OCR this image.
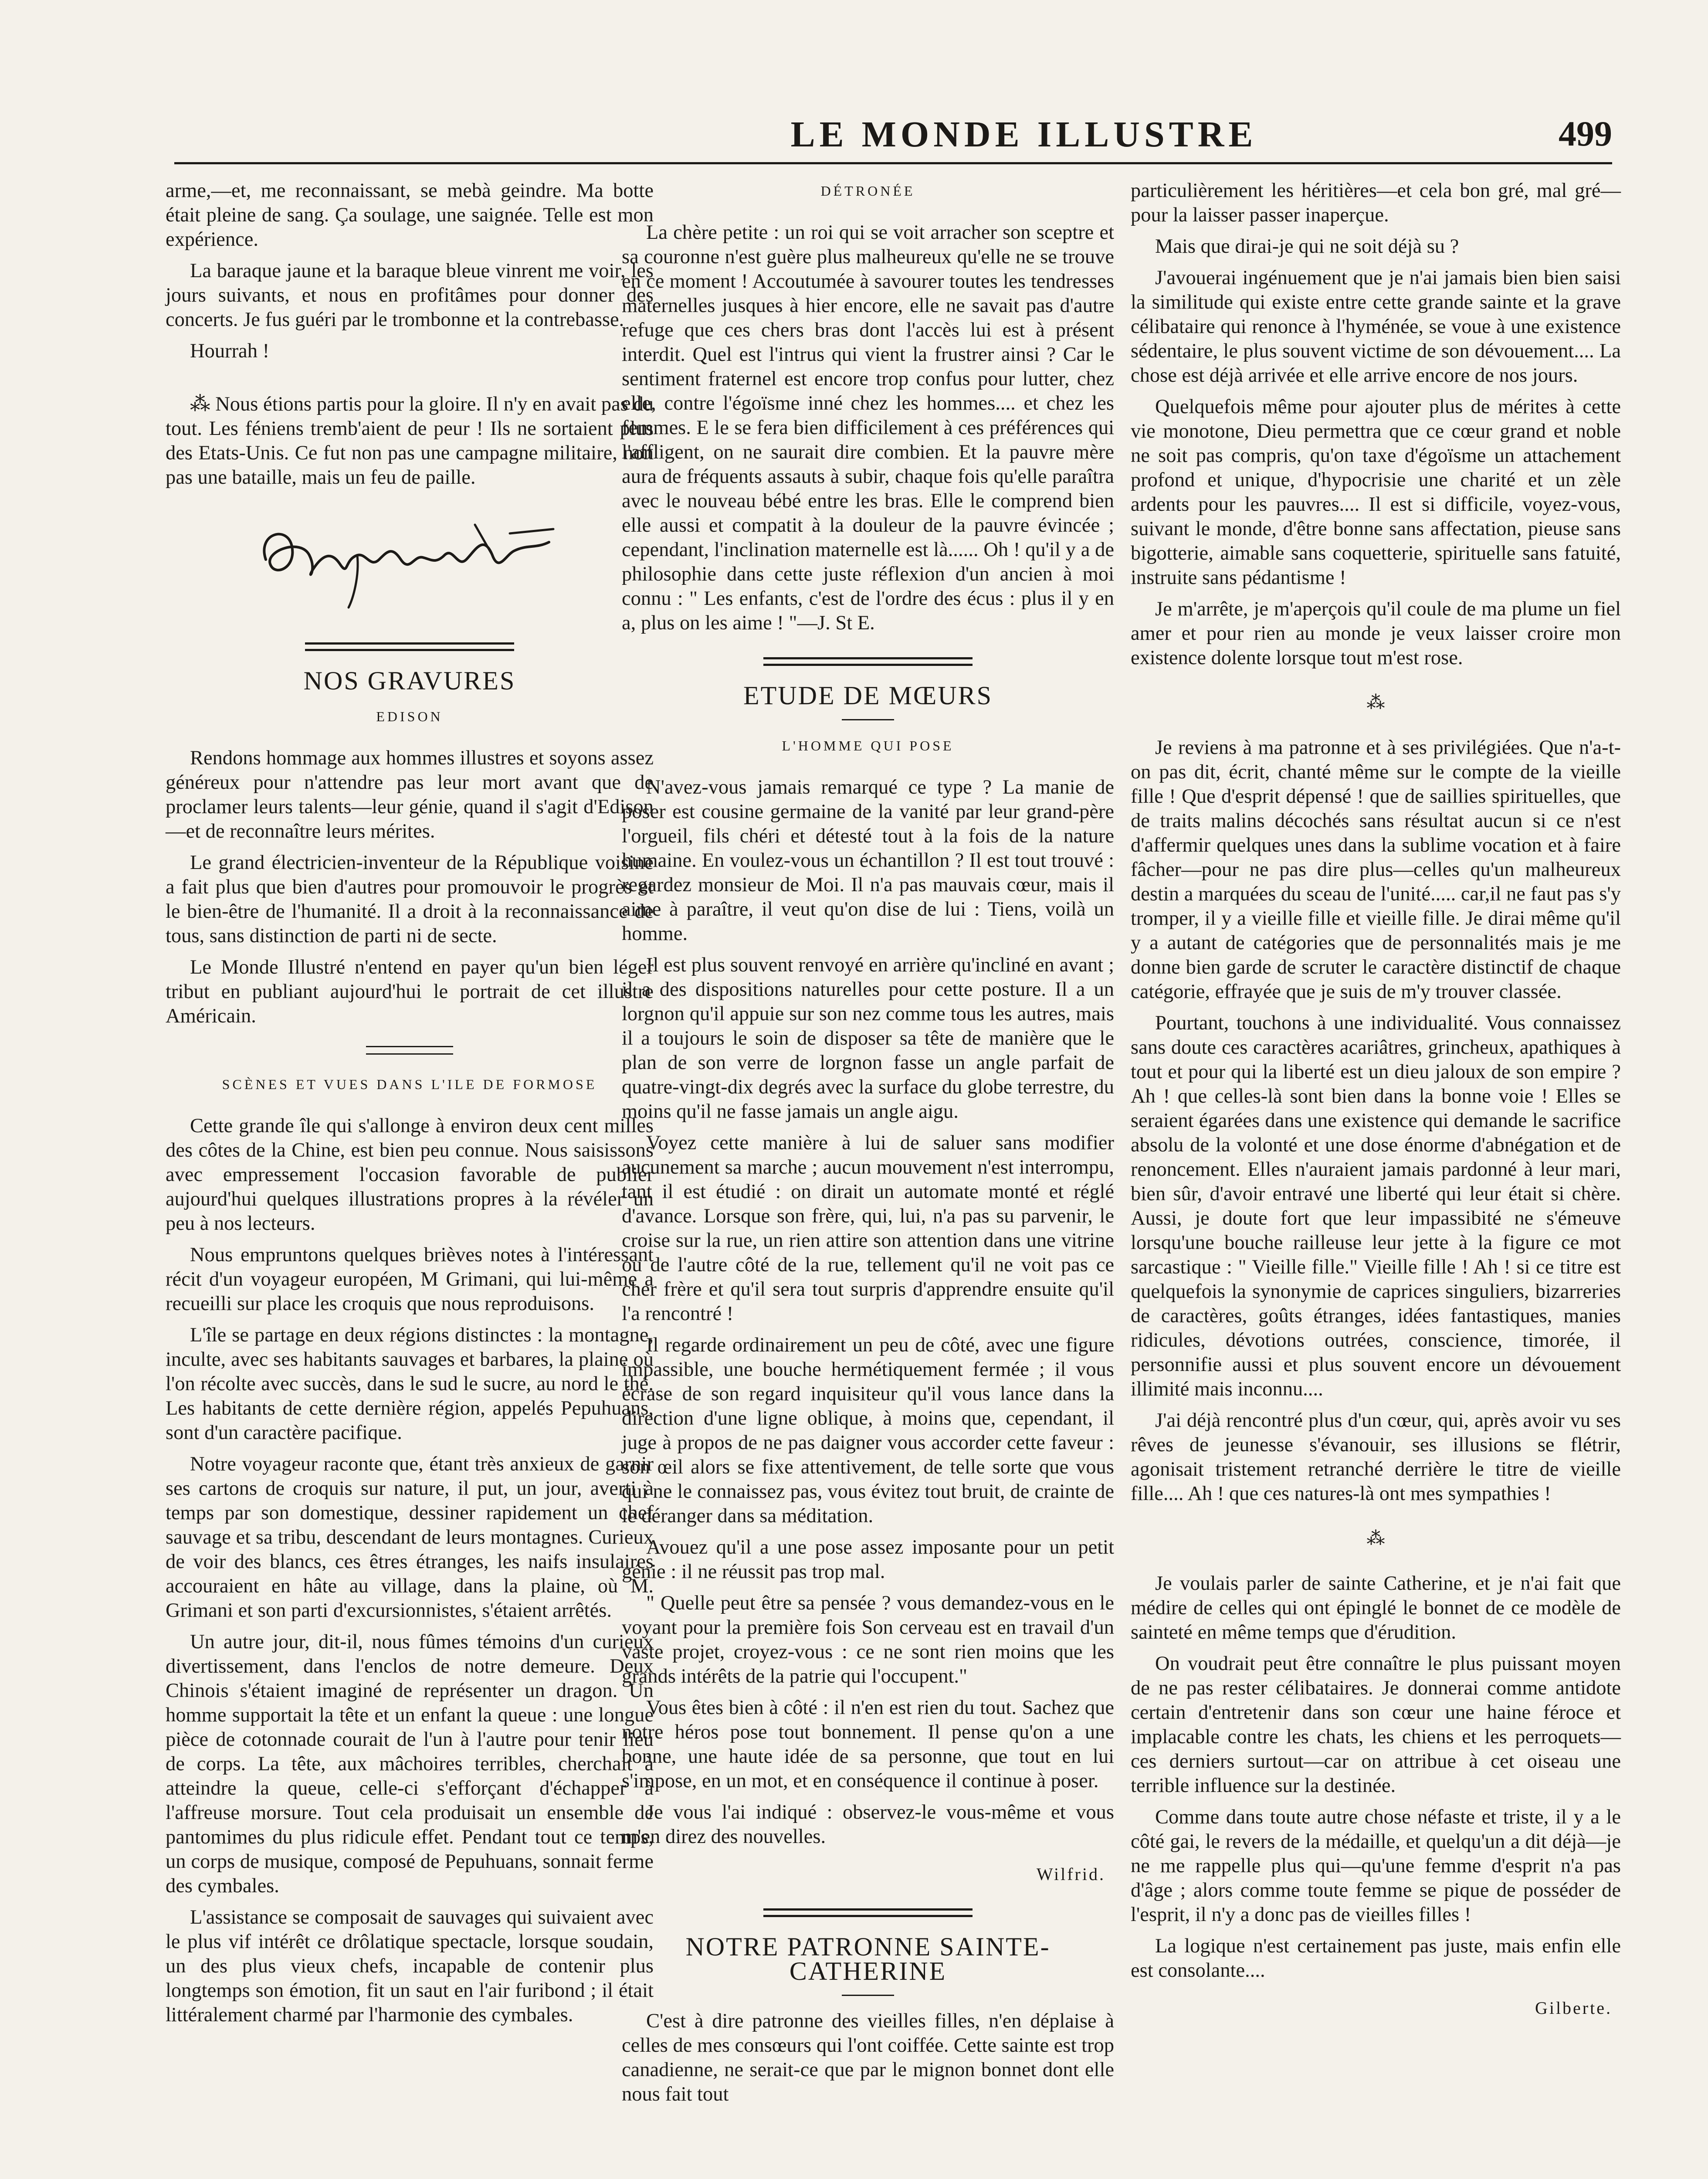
LE MONDE ILLUSTRE	499

arme,—et, me reconnaissant, se mebà geindre. Ma botte était pleine de sang. Ça soulage, une saignée. Telle est mon expérience.

La baraque jaune et la baraque bleue vinrent me voir, les jours suivants, et nous en profitâmes pour donner des concerts. Je fus guéri par le trombonne et la contrebasse.

Hourrah !

⁂ Nous étions partis pour la gloire. Il n'y en avait pas du tout. Les féniens tremb'aient de peur ! Ils ne sortaient plus des Etats-Unis. Ce fut non pas une campagne militaire, non pas une bataille, mais un feu de paille.

NOS GRAVURES
EDISON

Rendons hommage aux hommes illustres et soyons assez généreux pour n'attendre pas leur mort avant que de proclamer leurs talents—leur génie, quand il s'agit d'Edison—et de reconnaître leurs mérites.

Le grand électricien-inventeur de la République voisine a fait plus que bien d'autres pour promouvoir le progrès et le bien-être de l'humanité. Il a droit à la reconnaissance de tous, sans distinction de parti ni de secte.

Le Monde Illustré n'entend en payer qu'un bien léger tribut en publiant aujourd'hui le portrait de cet illustre Américain.

SCÈNES ET VUES DANS L'ILE DE FORMOSE

Cette grande île qui s'allonge à environ deux cent milles des côtes de la Chine, est bien peu connue. Nous saisissons avec empressement l'occasion favorable de publier aujourd'hui quelques illustrations propres à la révéler un peu à nos lecteurs.

Nous empruntons quelques brièves notes à l'intéressant récit d'un voyageur européen, M Grimani, qui lui-même a recueilli sur place les croquis que nous reproduisons.

L'île se partage en deux régions distinctes : la montagne, inculte, avec ses habitants sauvages et barbares, la plaine où l'on récolte avec succès, dans le sud le sucre, au nord le thé. Les habitants de cette dernière région, appelés Pepuhuans, sont d'un caractère pacifique.

Notre voyageur raconte que, étant très anxieux de garnir ses cartons de croquis sur nature, il put, un jour, averti à temps par son domestique, dessiner rapidement un chef sauvage et sa tribu, descendant de leurs montagnes. Curieux de voir des blancs, ces êtres étranges, les naifs insulaires accouraient en hâte au village, dans la plaine, où M. Grimani et son parti d'excursionnistes, s'étaient arrêtés.

Un autre jour, dit-il, nous fûmes témoins d'un curieux divertissement, dans l'enclos de notre demeure. Deux Chinois s'étaient imaginé de représenter un dragon. Un homme supportait la tête et un enfant la queue : une longue pièce de cotonnade courait de l'un à l'autre pour tenir lieu de corps. La tête, aux mâchoires terribles, cherchait à atteindre la queue, celle-ci s'efforçant d'échapper à l'affreuse morsure. Tout cela produisait un ensemble de pantomimes du plus ridicule effet. Pendant tout ce temps, un corps de musique, composé de Pepuhuans, sonnait ferme des cymbales.

L'assistance se composait de sauvages qui suivaient avec le plus vif intérêt ce drôlatique spectacle, lorsque soudain, un des plus vieux chefs, incapable de contenir plus longtemps son émotion, fit un saut en l'air furibond ; il était littéralement charmé par l'harmonie des cymbales.

DÉTRONÉE

La chère petite : un roi qui se voit arracher son sceptre et sa couronne n'est guère plus malheureux qu'elle ne se trouve en ce moment ! Accoutumée à savourer toutes les tendresses maternelles jusques à hier encore, elle ne savait pas d'autre refuge que ces chers bras dont l'accès lui est à présent interdit. Quel est l'intrus qui vient la frustrer ainsi ? Car le sentiment fraternel est encore trop confus pour lutter, chez elle, contre l'égoïsme inné chez les hommes.... et chez les femmes. E le se fera bien difficilement à ces préférences qui l'affligent, on ne saurait dire combien. Et la pauvre mère aura de fréquents assauts à subir, chaque fois qu'elle paraîtra avec le nouveau bébé entre les bras. Elle le comprend bien elle aussi et compatit à la douleur de la pauvre évincée ; cependant, l'inclination maternelle est là...... Oh ! qu'il y a de philosophie dans cette juste réflexion d'un ancien à moi connu : " Les enfants, c'est de l'ordre des écus : plus il y en a, plus on les aime ! "—J. St E.

ETUDE DE MŒURS
L'HOMME QUI POSE

N'avez-vous jamais remarqué ce type ? La manie de poser est cousine germaine de la vanité par leur grand-père l'orgueil, fils chéri et détesté tout à la fois de la nature humaine. En voulez-vous un échantillon ? Il est tout trouvé : regardez monsieur de Moi. Il n'a pas mauvais cœur, mais il aime à paraître, il veut qu'on dise de lui : Tiens, voilà un homme.

Il est plus souvent renvoyé en arrière qu'incliné en avant ; il a des dispositions naturelles pour cette posture. Il a un lorgnon qu'il appuie sur son nez comme tous les autres, mais il a toujours le soin de disposer sa tête de manière que le plan de son verre de lorgnon fasse un angle parfait de quatre-vingt-dix degrés avec la surface du globe terrestre, du moins qu'il ne fasse jamais un angle aigu.

Voyez cette manière à lui de saluer sans modifier aucunement sa marche ; aucun mouvement n'est interrompu, tant il est étudié : on dirait un automate monté et réglé d'avance. Lorsque son frère, qui, lui, n'a pas su parvenir, le croise sur la rue, un rien attire son attention dans une vitrine ou de l'autre côté de la rue, tellement qu'il ne voit pas ce cher frère et qu'il sera tout surpris d'apprendre ensuite qu'il l'a rencontré !

Il regarde ordinairement un peu de côté, avec une figure impassible, une bouche hermétiquement fermée ; il vous écrase de son regard inquisiteur qu'il vous lance dans la direction d'une ligne oblique, à moins que, cependant, il juge à propos de ne pas daigner vous accorder cette faveur : son œil alors se fixe attentivement, de telle sorte que vous qui ne le connaissez pas, vous évitez tout bruit, de crainte de le déranger dans sa méditation.

Avouez qu'il a une pose assez imposante pour un petit génie : il ne réussit pas trop mal.

" Quelle peut être sa pensée ? vous demandez-vous en le voyant pour la première fois Son cerveau est en travail d'un vaste projet, croyez-vous : ce ne sont rien moins que les grands intérêts de la patrie qui l'occupent."

Vous êtes bien à côté : il n'en est rien du tout. Sachez que notre héros pose tout bonnement. Il pense qu'on a une bonne, une haute idée de sa personne, que tout en lui s'impose, en un mot, et en conséquence il continue à poser.

Je vous l'ai indiqué : observez-le vous-même et vous m'en direz des nouvelles.

Wilfrid.
NOTRE PATRONNE SAINTE-CATHERINE

C'est à dire patronne des vieilles filles, n'en déplaise à celles de mes consœurs qui l'ont coiffée. Cette sainte est trop canadienne, ne serait-ce que par le mignon bonnet dont elle nous fait tout

particulièrement les héritières—et cela bon gré, mal gré—pour la laisser passer inaperçue.

Mais que dirai-je qui ne soit déjà su ?

J'avouerai ingénuement que je n'ai jamais bien bien saisi la similitude qui existe entre cette grande sainte et la grave célibataire qui renonce à l'hyménée, se voue à une existence sédentaire, le plus souvent victime de son dévouement.... La chose est déjà arrivée et elle arrive encore de nos jours.

Quelquefois même pour ajouter plus de mérites à cette vie monotone, Dieu permettra que ce cœur grand et noble ne soit pas compris, qu'on taxe d'égoïsme un attachement profond et unique, d'hypocrisie une charité et un zèle ardents pour les pauvres.... Il est si difficile, voyez-vous, suivant le monde, d'être bonne sans affectation, pieuse sans bigotterie, aimable sans coquetterie, spirituelle sans fatuité, instruite sans pédantisme !

Je m'arrête, je m'aperçois qu'il coule de ma plume un fiel amer et pour rien au monde je veux laisser croire mon existence dolente lorsque tout m'est rose.

⁂

Je reviens à ma patronne et à ses privilégiées. Que n'a-t-on pas dit, écrit, chanté même sur le compte de la vieille fille ! Que d'esprit dépensé ! que de saillies spirituelles, que de traits malins décochés sans résultat aucun si ce n'est d'affermir quelques unes dans la sublime vocation et à faire fâcher—pour ne pas dire plus—celles qu'un malheureux destin a marquées du sceau de l'unité..... car,il ne faut pas s'y tromper, il y a vieille fille et vieille fille. Je dirai même qu'il y a autant de catégories que de personnalités mais je me donne bien garde de scruter le caractère distinctif de chaque catégorie, effrayée que je suis de m'y trouver classée.

Pourtant, touchons à une individualité. Vous connaissez sans doute ces caractères acariâtres, grincheux, apathiques à tout et pour qui la liberté est un dieu jaloux de son empire ? Ah ! que celles-là sont bien dans la bonne voie ! Elles se seraient égarées dans une existence qui demande le sacrifice absolu de la volonté et une dose énorme d'abnégation et de renoncement. Elles n'auraient jamais pardonné à leur mari, bien sûr, d'avoir entravé une liberté qui leur était si chère. Aussi, je doute fort que leur impassibité ne s'émeuve lorsqu'une bouche railleuse leur jette à la figure ce mot sarcastique : " Vieille fille." Vieille fille ! Ah ! si ce titre est quelquefois la synonymie de caprices singuliers, bizarreries de caractères, goûts étranges, idées fantastiques, manies ridicules, dévotions outrées, conscience, timorée, il personnifie aussi et plus souvent encore un dévouement illimité mais inconnu....

J'ai déjà rencontré plus d'un cœur, qui, après avoir vu ses rêves de jeunesse s'évanouir, ses illusions se flétrir, agonisait tristement retranché derrière le titre de vieille fille.... Ah ! que ces natures-là ont mes sympathies !

⁂

Je voulais parler de sainte Catherine, et je n'ai fait que médire de celles qui ont épinglé le bonnet de ce modèle de sainteté en même temps que d'érudition.

On voudrait peut être connaître le plus puissant moyen de ne pas rester célibataires. Je donnerai comme antidote certain d'entretenir dans son cœur une haine féroce et implacable contre les chats, les chiens et les perroquets—ces derniers surtout—car on attribue à cet oiseau une terrible influence sur la destinée.

Comme dans toute autre chose néfaste et triste, il y a le côté gai, le revers de la médaille, et quelqu'un a dit déjà—je ne me rappelle plus qui—qu'une femme d'esprit n'a pas d'âge ; alors comme toute femme se pique de posséder de l'esprit, il n'y a donc pas de vieilles filles !

La logique n'est certainement pas juste, mais enfin elle est consolante....

Gilberte.
